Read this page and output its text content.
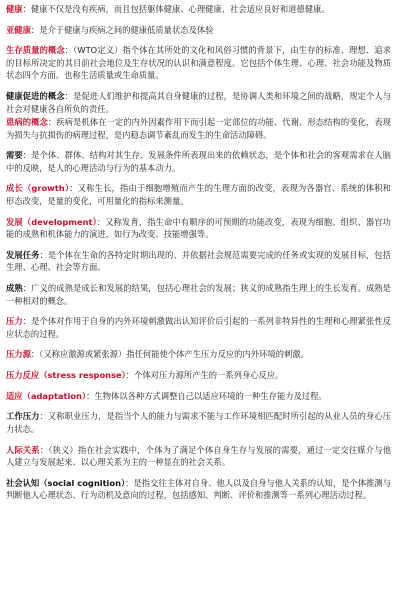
健康：健康不仅是没有疾病，而且包括躯体健康、心理健康、社会适应良好和道德健康。

亚健康：是介于健康与疾病之间的健康低质量状态及体验

生存质量的概念：（WTO定义）指个体在其所处的文化和风俗习惯的背景下，由生存的标准、理想、追求的目标所决定的其目前社会地位及生存状况的认识和满意程度。它包括个体生理、心理、社会功能及物质状态四个方面。也称生活质量或生命质量。

健康促进的概念：是促进人们维护和提高其自身健康的过程，是协调人类和环境之间的战略，规定个人与社会对健康各自所负的责任。

患病的概念：疾病是机体在一定的内外因素作用下而引起一定部位的功能、代谢、形态结构的变化，表现为损失与抗损伤的病理过程，是内稳态调节紊乱而发生的生命活动障碍。

需要：是个体、群体、结构对其生存、发展条件所表现出来的依赖状态，是个体和社会的客观需求在人脑中的反映，是人的心理活动与行为的基本动力。

成长（growth）：又称生长，指由于细胞增殖而产生的生理方面的改变，表现为各器官、系统的体积和形态改变，是量的变化，可用量化的指标来测量。

发展（development）：又称发育，指生命中有顺序的可预期的功能改变，表现为细胞、组织、器官功能的成熟和机体能力的演进，如行为改变、技能增强等。

发展任务：是个体在生命的各特定时期出现的、并依据社会规范需要完成的任务或实现的发展目标，包括生理、心理、社会等方面。

成熟：广义的成熟是成长和发展的结果，包括心理社会的发展；狭义的成熟指生理上的生长发育。成熟是一种相对的概念。

压力：是个体对作用于自身的内外环境刺激做出认知评价后引起的一系列非特异性的生理和心理紧张性反应状态的过程。

压力源：（又称应激源或紧张源）指任何能使个体产生压力反应的内外环境的刺激。

压力反应（stress response）：个体对压力源所产生的一系列身心反应。

适应（adaptation）：生物体以各种方式调整自己以适应环境的一种生存能力及过程。

工作压力：又称职业压力，是指当个人的能力与需求不能与工作环境相匹配时所引起的从业人员的身心压力状态。

人际关系：（狭义）指在社会实践中，个体为了满足个体自身生存与发展的需要，通过一定交往媒介与他人建立与发展起来、以心理关系为主的一种显在的社会关系。

社会认知（social cognition）：是指交往主体对自身、他人以及自身与他人关系的认知，是个体推测与判断他人心理状态、行为动机及意向的过程，包括感知、判断、评价和推测等一系列心理活动过程。
